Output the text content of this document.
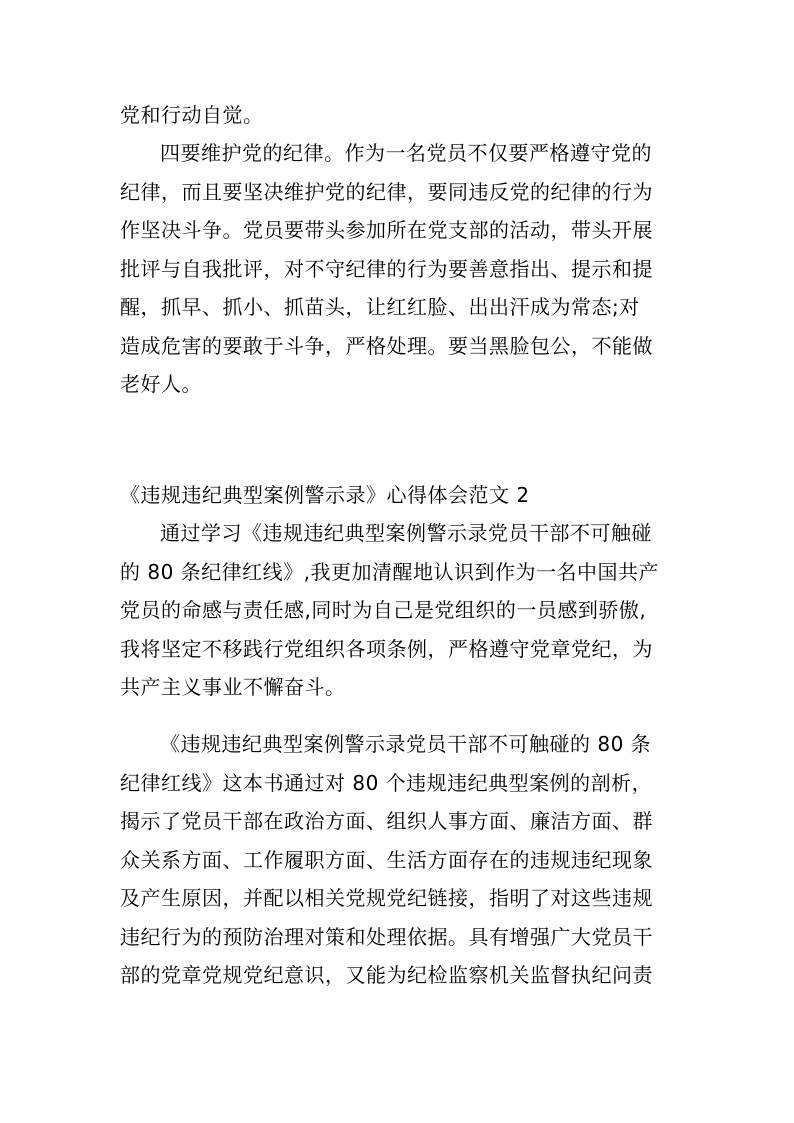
党和行动自觉。
四要维护党的纪律。作为一名党员不仅要严格遵守党的
纪律，而且要坚决维护党的纪律，要同违反党的纪律的行为
作坚决斗争。党员要带头参加所在党支部的活动，带头开展
批评与自我批评，对不守纪律的行为要善意指出、提示和提
醒，抓早、抓小、抓苗头，让红红脸、出出汗成为常态;对
造成危害的要敢于斗争，严格处理。要当黑脸包公，不能做
老好人。
《违规违纪典型案例警示录》心得体会范文 2
通过学习《违规违纪典型案例警示录党员干部不可触碰
的 80 条纪律红线》,我更加清醒地认识到作为一名中国共产
党员的命感与责任感,同时为自己是党组织的一员感到骄傲,
我将坚定不移践行党组织各项条例，严格遵守党章党纪，为
共产主义事业不懈奋斗。
《违规违纪典型案例警示录党员干部不可触碰的 80 条
纪律红线》这本书通过对 80 个违规违纪典型案例的剖析，
揭示了党员干部在政治方面、组织人事方面、廉洁方面、群
众关系方面、工作履职方面、生活方面存在的违规违纪现象
及产生原因，并配以相关党规党纪链接，指明了对这些违规
违纪行为的预防治理对策和处理依据。具有增强广大党员干
部的党章党规党纪意识，又能为纪检监察机关监督执纪问责
